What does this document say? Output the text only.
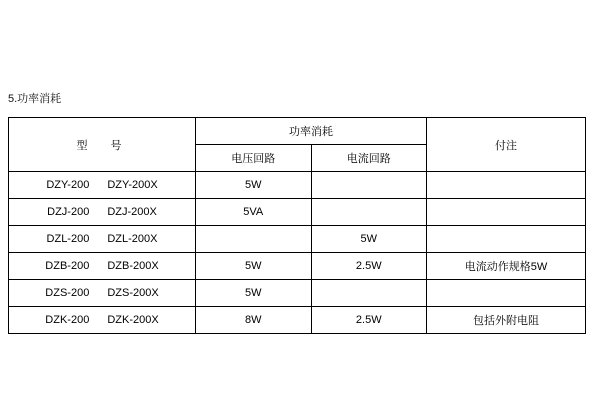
5.功率消耗
型　号	功率消耗		付注
	电压回路	电流回路	
DZY-200 DZY-200X	5W		
DZJ-200 DZJ-200X	5VA		
DZL-200 DZL-200X		5W	
DZB-200 DZB-200X	5W	2.5W	电流动作规格5W
DZS-200 DZS-200X	5W		
DZK-200 DZK-200X	8W	2.5W	包括外附电阻
